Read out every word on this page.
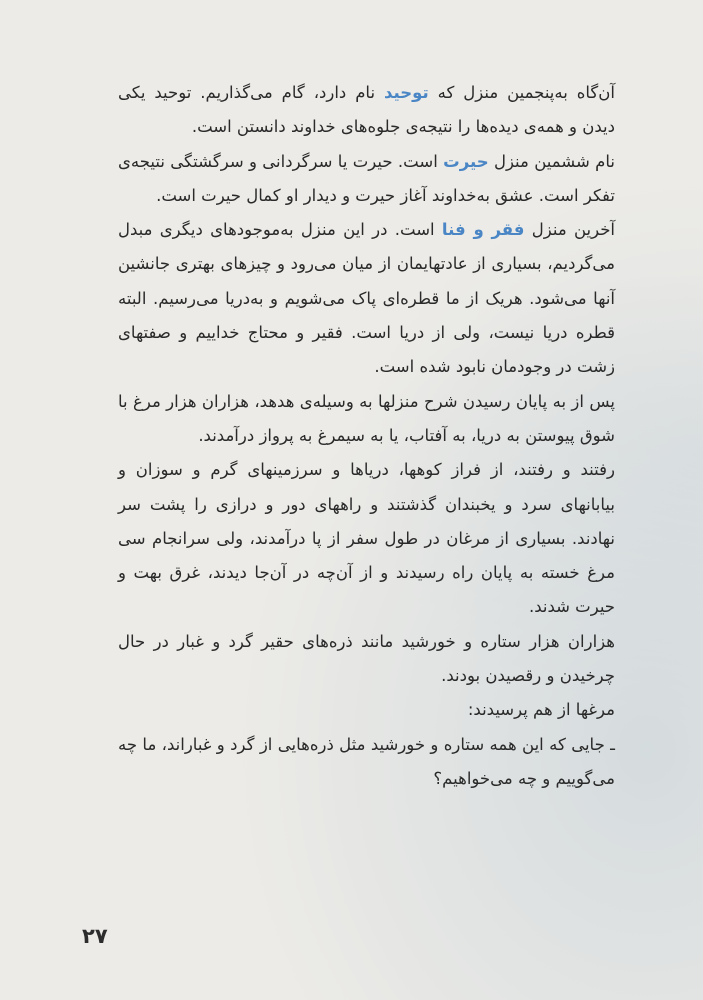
آن‌گاه به‌پنجمین منزل که توحید نام دارد، گام می‌گذاریم. توحید یکی دیدن و همه‌ی دیده‌ها را نتیجه‌ی جلوه‌های خداوند دانستن است.

نام ششمین منزل حیرت است. حیرت یا سرگردانی و سرگشتگی نتیجه‌ی تفکر است. عشق به‌خداوند آغاز حیرت و دیدار او کمال حیرت است.

آخرین منزل فقر و فنا است. در این منزل به‌موجودهای دیگری مبدل می‌گردیم، بسیاری از عادتهایمان از میان می‌رود و چیزهای بهتری جانشین آنها می‌شود. هریک از ما قطره‌ای پاک می‌شویم و به‌دریا می‌رسیم. البته قطره دریا نیست، ولی از دریا است. فقیر و محتاج خداییم و صفتهای زشت در وجودمان نابود شده است.

پس از به پایان رسیدن شرح منزلها به وسیله‌ی هدهد، هزاران هزار مرغ با شوق پیوستن به دریا، به آفتاب، یا به سیمرغ به پرواز درآمدند.

رفتند و رفتند، از فراز کوهها، دریاها و سرزمینهای گرم و سوزان و بیابانهای سرد و یخبندان گذشتند و راههای دور و درازی را پشت سر نهادند. بسیاری از مرغان در طول سفر از پا درآمدند، ولی سرانجام سی مرغ خسته به پایان راه رسیدند و از آن‌چه در آن‌جا دیدند، غرق بهت و حیرت شدند.

هزاران هزار ستاره و خورشید مانند ذره‌های حقیر گرد و غبار در حال چرخیدن و رقصیدن بودند.

مرغها از هم پرسیدند:

ـ جایی که این همه ستاره و خورشید مثل ذره‌هایی از گرد و غباراند، ما چه می‌گوییم و چه می‌خواهیم؟

۲۷
